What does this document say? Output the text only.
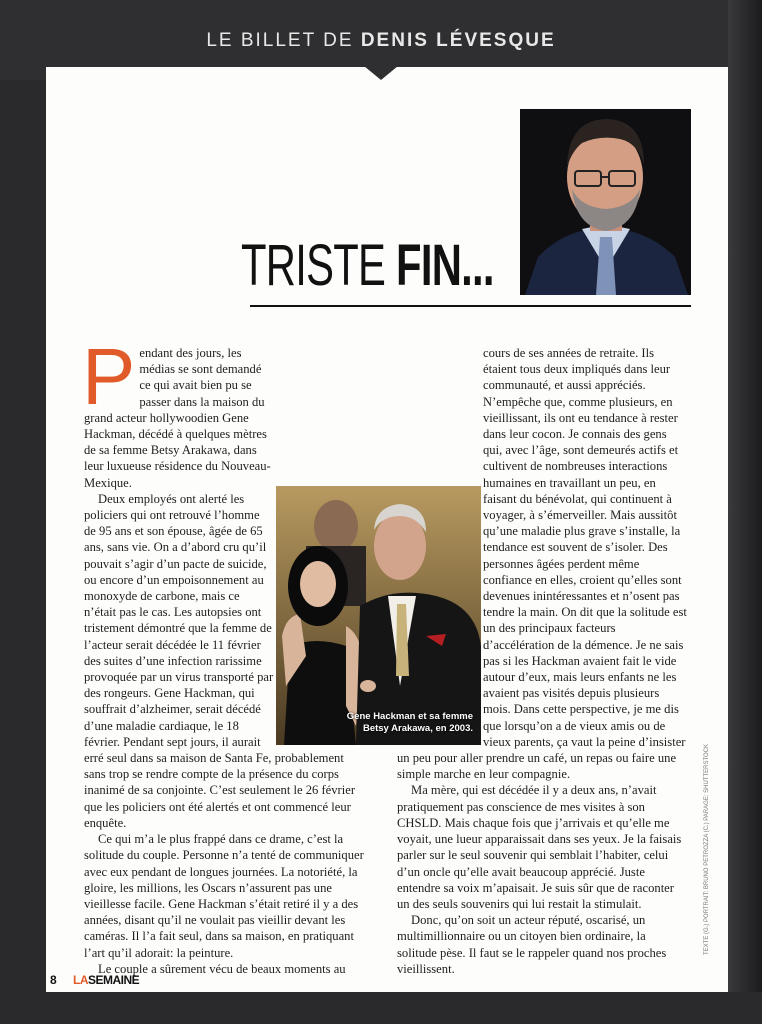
LE BILLET DE DENIS LÉVESQUE
TRISTE FIN...

Pendant des jours, les médias se sont demandé ce qui avait bien pu se passer dans la maison du grand acteur hollywoodien Gene Hackman, décédé à quelques mètres de sa femme Betsy Arakawa, dans leur luxueuse résidence du Nouveau-Mexique.

Deux employés ont alerté les policiers qui ont retrouvé l’homme de 95 ans et son épouse, âgée de 65 ans, sans vie. On a d’abord cru qu’il pouvait s’agir d’un pacte de suicide, ou encore d’un empoisonnement au monoxyde de carbone, mais ce n’était pas le cas. Les autopsies ont tristement démontré que la femme de l’acteur serait décédée le 11 février des suites d’une infection rarissime provoquée par un virus transporté par des rongeurs. Gene Hackman, qui souffrait d’alzheimer, serait décédé d’une maladie cardiaque, le 18 février. Pendant sept jours, il aurait erré seul dans sa maison de Santa Fe, probablement sans trop se rendre compte de la présence du corps inanimé de sa conjointe. C’est seulement le 26 février que les policiers ont été alertés et ont commencé leur enquête.

Ce qui m’a le plus frappé dans ce drame, c’est la solitude du couple. Personne n’a tenté de communiquer avec eux pendant de longues journées. La notoriété, la gloire, les millions, les Oscars n’assurent pas une vieillesse facile. Gene Hackman s’était retiré il y a des années, disant qu’il ne voulait pas vieillir devant les caméras. Il l’a fait seul, dans sa maison, en pratiquant l’art qu’il adorait: la peinture.

Le couple a sûrement vécu de beaux moments au

cours de ses années de retraite. Ils étaient tous deux impliqués dans leur communauté, et aussi appréciés. N’empêche que, comme plusieurs, en vieillissant, ils ont eu tendance à rester dans leur cocon. Je connais des gens qui, avec l’âge, sont demeurés actifs et cultivent de nombreuses interactions humaines en travaillant un peu, en faisant du bénévolat, qui continuent à voyager, à s’émerveiller. Mais aussitôt qu’une maladie plus grave s’installe, la tendance est souvent de s’isoler. Des personnes âgées perdent même confiance en elles, croient qu’elles sont devenues inintéressantes et n’osent pas tendre la main. On dit que la solitude est un des principaux facteurs d’accélération de la démence. Je ne sais pas si les Hackman avaient fait le vide autour d’eux, mais leurs enfants ne les avaient pas visités depuis plusieurs mois. Dans cette perspective, je me dis que lorsqu’on a de vieux amis ou de vieux parents, ça vaut la peine d’insister un peu pour aller prendre un café, un repas ou faire une simple marche en leur compagnie.

Ma mère, qui est décédée il y a deux ans, n’avait pratiquement pas conscience de mes visites à son CHSLD. Mais chaque fois que j’arrivais et qu’elle me voyait, une lueur apparaissait dans ses yeux. Je la faisais parler sur le seul souvenir qui semblait l’habiter, celui d’un oncle qu’elle avait beaucoup apprécié. Juste entendre sa voix m’apaisait. Je suis sûr que de raconter un des seuls souvenirs qui lui restait la stimulait.

Donc, qu’on soit un acteur réputé, oscarisé, un multimillionnaire ou un citoyen bien ordinaire, la solitude pèse. Il faut se le rappeler quand nos proches vieillissent.

Gene Hackman et sa femme
Betsy Arakawa, en 2003.
8 LASEMAINE
TEXTE (G.) PORTRAIT: BRUNO PETROZZA (C.) PARAGE: SHUTTERSTOCK
